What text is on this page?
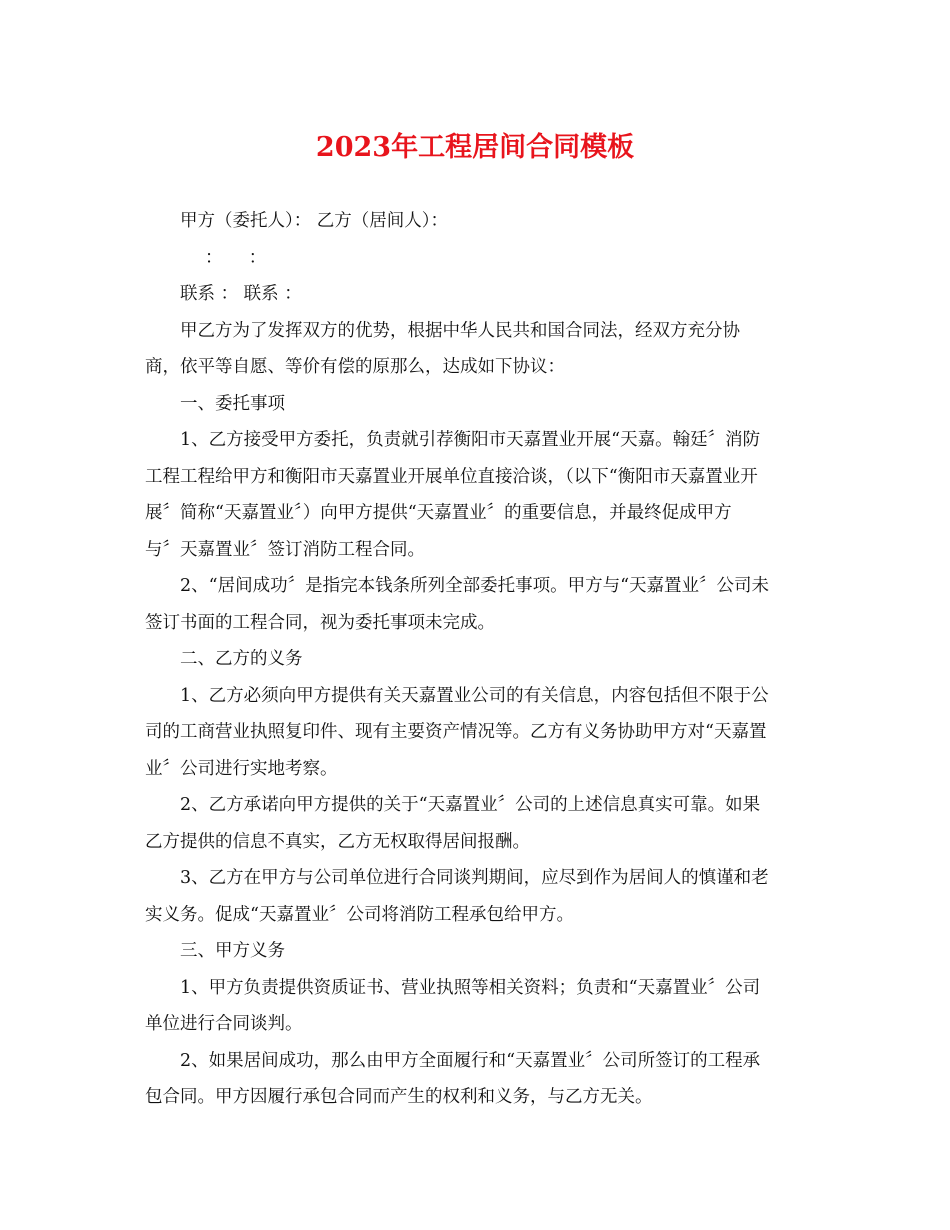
2023年工程居间合同模板
甲方（委托人）： 乙方（居间人）：
：　　：
联系 ： 联系 ：
甲乙方为了发挥双方的优势，根据中华人民共和国合同法，经双方充分协
商，依平等自愿、等价有偿的原那么，达成如下协议：
一、委托事项
1、乙方接受甲方委托，负责就引荐衡阳市天嘉置业开展“天嘉。翰廷〞消防
工程工程给甲方和衡阳市天嘉置业开展单位直接洽谈，（以下“衡阳市天嘉置业开
展〞简称“天嘉置业〞）向甲方提供“天嘉置业〞的重要信息，并最终促成甲方
与〞天嘉置业〞签订消防工程合同。
2、“居间成功〞是指完本钱条所列全部委托事项。甲方与“天嘉置业〞公司未
签订书面的工程合同，视为委托事项未完成。
二、乙方的义务
1、乙方必须向甲方提供有关天嘉置业公司的有关信息，内容包括但不限于公
司的工商营业执照复印件、现有主要资产情况等。乙方有义务协助甲方对“天嘉置
业〞公司进行实地考察。
2、乙方承诺向甲方提供的关于“天嘉置业〞公司的上述信息真实可靠。如果
乙方提供的信息不真实，乙方无权取得居间报酬。
3、乙方在甲方与公司单位进行合同谈判期间，应尽到作为居间人的慎谨和老
实义务。促成“天嘉置业〞公司将消防工程承包给甲方。
三、甲方义务
1、甲方负责提供资质证书、营业执照等相关资料；负责和“天嘉置业〞公司
单位进行合同谈判。
2、如果居间成功，那么由甲方全面履行和“天嘉置业〞公司所签订的工程承
包合同。甲方因履行承包合同而产生的权利和义务，与乙方无关。
